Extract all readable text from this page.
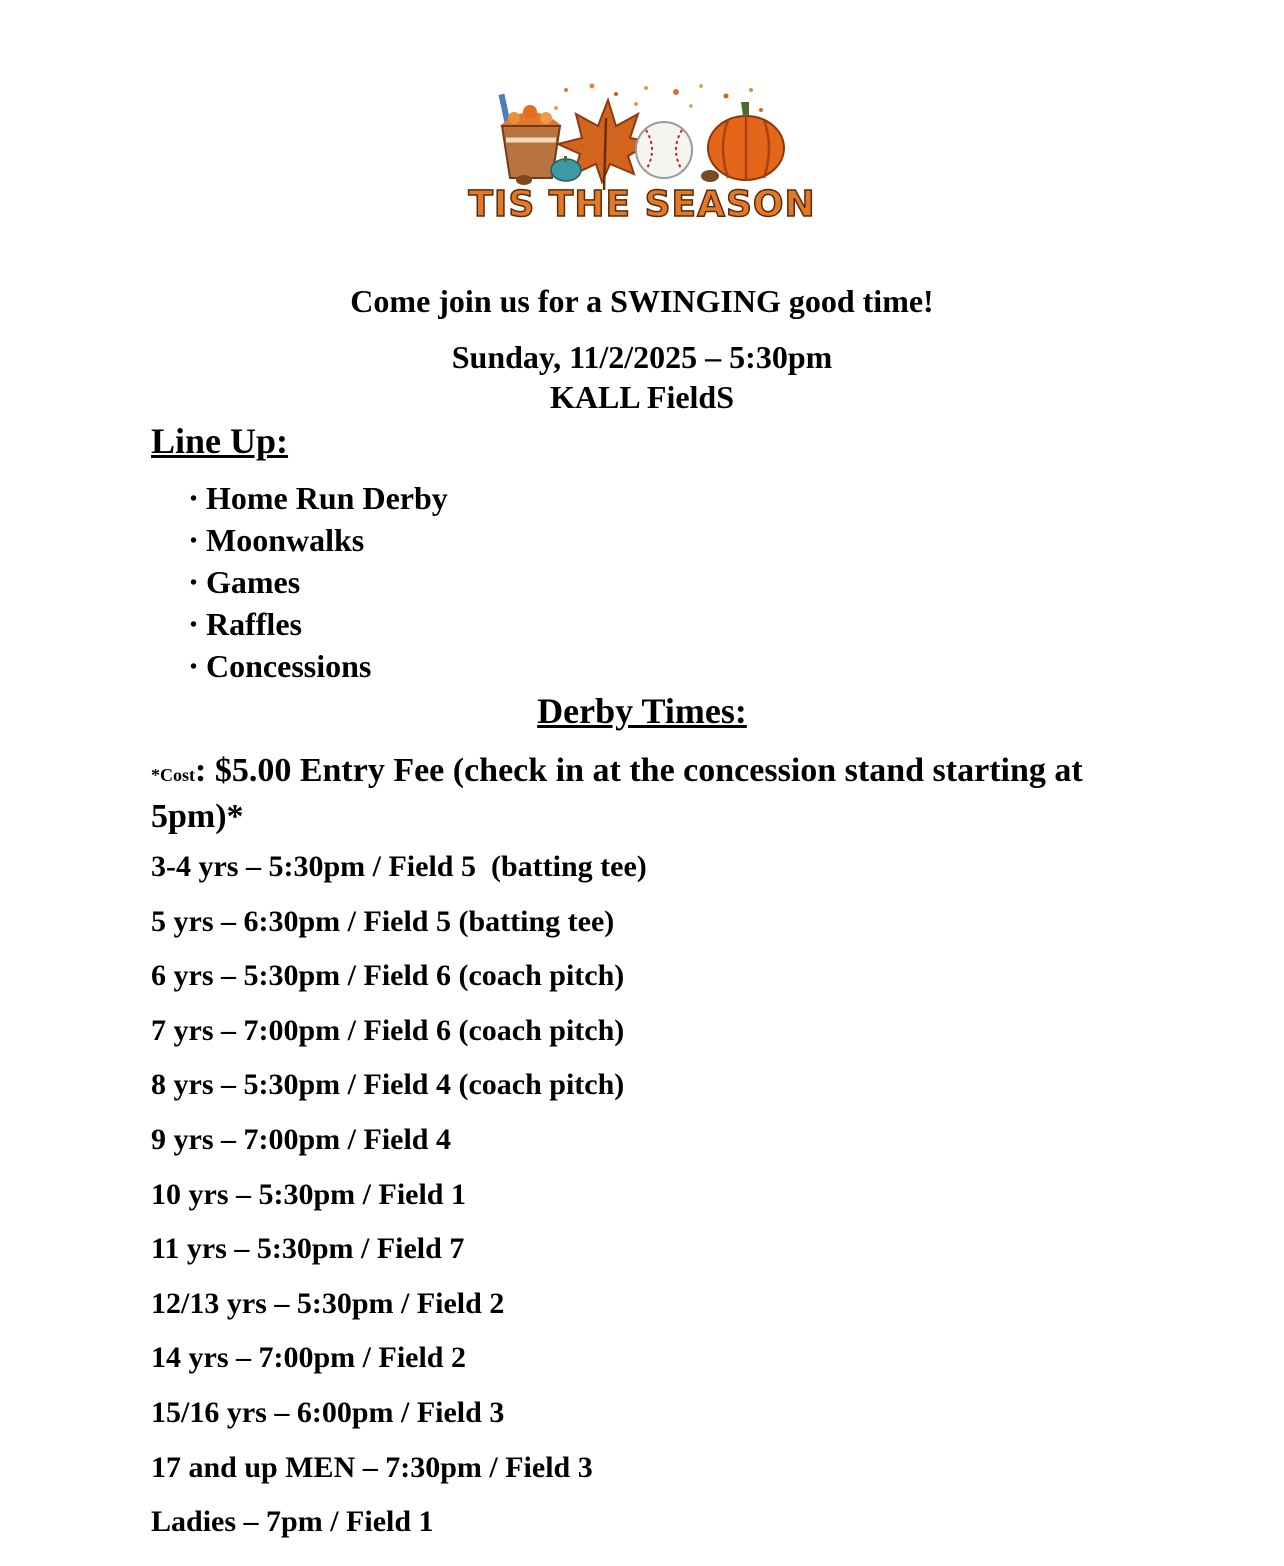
TIS THE SEASON
Come join us for a SWINGING good time!
Sunday, 11/2/2025 – 5:30pm
KALL FieldS
Line Up:
• Home Run Derby
• Moonwalks
• Games
• Raffles
• Concessions
Derby Times:
*Cost: $5.00 Entry Fee (check in at the concession stand starting at 5pm)*
3-4 yrs – 5:30pm / Field 5  (batting tee)
5 yrs – 6:30pm / Field 5 (batting tee)
6 yrs – 5:30pm / Field 6 (coach pitch)
7 yrs – 7:00pm / Field 6 (coach pitch)
8 yrs – 5:30pm / Field 4 (coach pitch)
9 yrs – 7:00pm / Field 4
10 yrs – 5:30pm / Field 1
11 yrs – 5:30pm / Field 7
12/13 yrs – 5:30pm / Field 2
14 yrs – 7:00pm / Field 2
15/16 yrs – 6:00pm / Field 3
17 and up MEN – 7:30pm / Field 3
Ladies – 7pm / Field 1
